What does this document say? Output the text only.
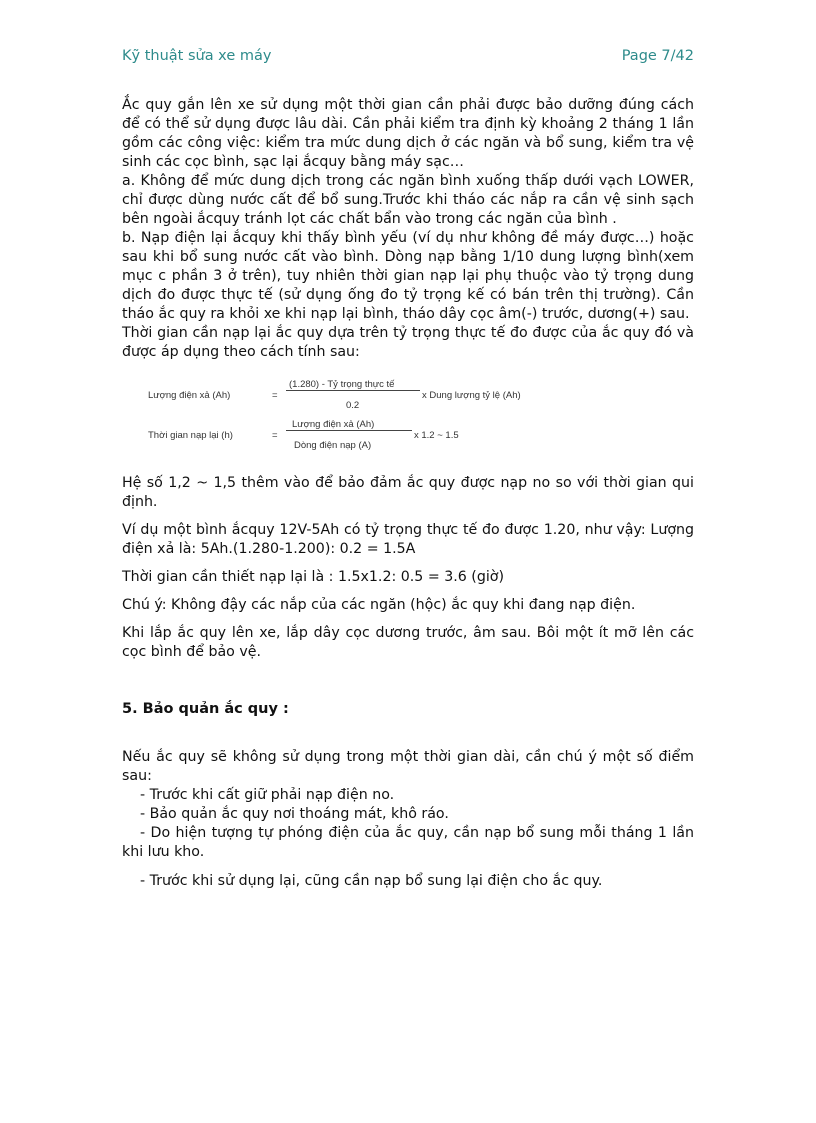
Kỹ thuật sửa xe máy	Page 7/42

Ắc quy gắn lên xe sử dụng một thời gian cần phải được bảo dưỡng đúng cách để có thể sử dụng được lâu dài. Cần phải kiểm tra định kỳ khoảng 2 tháng 1 lần gồm các công việc: kiểm tra mức dung dịch ở các ngăn và bổ sung, kiểm tra vệ sinh các cọc bình, sạc lại ắcquy bằng máy sạc…

a. Không để mức dung dịch trong các ngăn bình xuống thấp dưới vạch LOWER, chỉ được dùng nước cất để bổ sung.Trước khi tháo các nắp ra cần vệ sinh sạch bên ngoài ắcquy tránh lọt các chất bẩn vào trong các ngăn của bình .

b. Nạp điện lại ắcquy khi thấy bình yếu (ví dụ như không đề máy được…) hoặc sau khi bổ sung nước cất vào bình. Dòng nạp bằng 1/10 dung lượng bình(xem mục c phần 3 ở trên), tuy nhiên thời gian nạp lại phụ thuộc vào tỷ trọng dung dịch đo được thực tế (sử dụng ống đo tỷ trọng kế có bán trên thị trường). Cần tháo ắc quy ra khỏi xe khi nạp lại bình, tháo dây cọc âm(-) trước, dương(+) sau.

Thời gian cần nạp lại ắc quy dựa trên tỷ trọng thực tế đo được của ắc quy đó và được áp dụng theo cách tính sau:

Lượng điện xả (Ah)	=
(1.280) - Tỷ trọng thực tế
0.2
x Dung lượng tỷ lệ (Ah)
Thời gian nạp lại (h)	=
Lượng điện xả (Ah)
Dòng điện nạp (A)
x 1.2 ~ 1.5

Hệ số 1,2 ~ 1,5 thêm vào để bảo đảm ắc quy được nạp no so với thời gian qui định.

Ví dụ một bình ắcquy 12V-5Ah có tỷ trọng thực tế đo được 1.20, như vậy: Lượng điện xả là: 5Ah.(1.280-1.200): 0.2 = 1.5A

Thời gian cần thiết nạp lại là : 1.5x1.2: 0.5 = 3.6 (giờ)

Chú ý: Không đậy các nắp của các ngăn (hộc) ắc quy khi đang nạp điện.

Khi lắp ắc quy lên xe, lắp dây cọc dương trước, âm sau. Bôi một ít mỡ lên các cọc bình để bảo vệ.

5. Bảo quản ắc quy :

Nếu ắc quy sẽ không sử dụng trong một thời gian dài, cần chú ý một số điểm sau:

- Trước khi cất giữ phải nạp điện no.

- Bảo quản ắc quy nơi thoáng mát, khô ráo.

- Do hiện tượng tự phóng điện của ắc quy, cần nạp bổ sung mỗi tháng 1 lần khi lưu kho.

- Trước khi sử dụng lại, cũng cần nạp bổ sung lại điện cho ắc quy.
